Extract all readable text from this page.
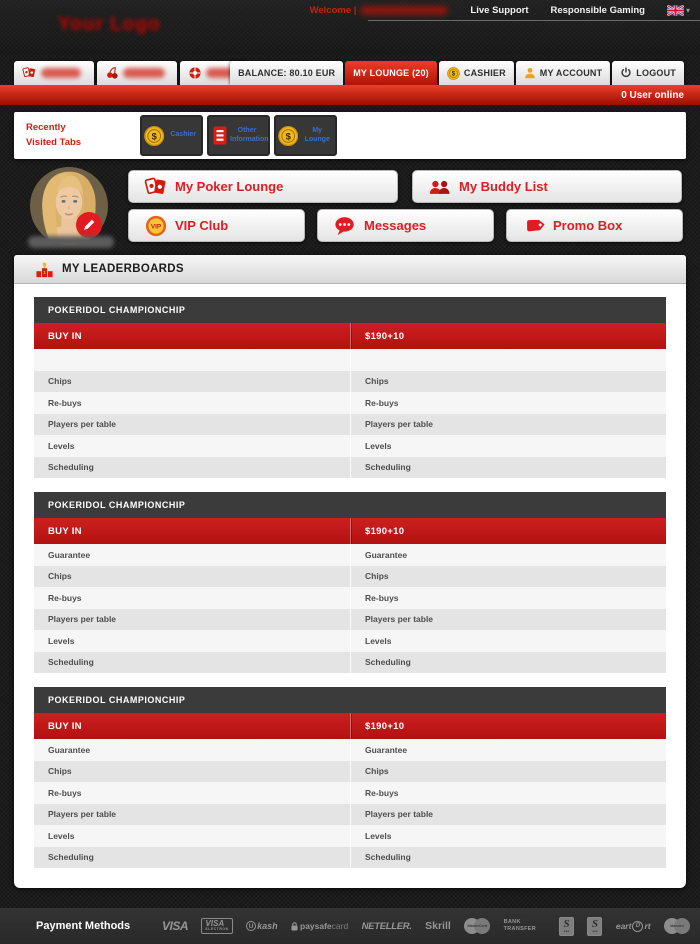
Your Logo
Welcome |	Live Support Responsible Gaming	▾
BALANCE: 80.10 EUR MY LOUNGE (20) $ CASHIER	MY ACCOUNT	LOGOUT
0 User online
Recently
Visited Tabs
$	Cashier
Other Information $
My Lounge
My Poker Lounge	My Buddy List
VIP VIP Club	Messages	Promo Box
1 MY LEADERBOARDS
POKERIDOL CHAMPIONCHIP
BUY IN	$190+10
Chips	Chips
Re-buys	Re-buys
Players per table	Players per table
Levels	Levels
Scheduling	Scheduling
POKERIDOL CHAMPIONCHIP
BUY IN	$190+10
Guarantee	Guarantee
Chips	Chips
Re-buys	Re-buys
Players per table	Players per table
Levels	Levels
Scheduling	Scheduling
POKERIDOL CHAMPIONCHIP
BUY IN	$190+10
Guarantee	Guarantee
Chips	Chips
Re-buys	Re-buys
Players per table	Players per table
Levels	Levels
Scheduling	Scheduling
Payment Methods	VISA VISA
ELECTRON	U kash	paysafecard NETELLER. Skrill	MasterCard
BANK TRANSFER	S
●●●
S
●●● eart D rt	Maestro
